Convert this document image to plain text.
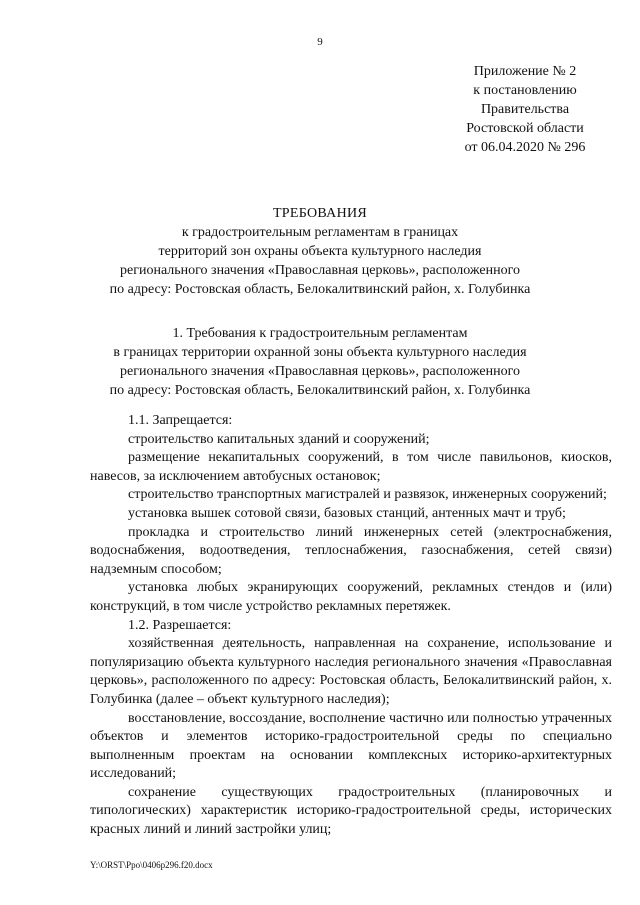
9
Приложение № 2
к постановлению
Правительства
Ростовской области
от 06.04.2020 № 296
ТРЕБОВАНИЯ
к градостроительным регламентам в границах
территорий зон охраны объекта культурного наследия
регионального значения «Православная церковь», расположенного
по адресу: Ростовская область, Белокалитвинский район, х. Голубинка
1. Требования к градостроительным регламентам
в границах территории охранной зоны объекта культурного наследия
регионального значения «Православная церковь», расположенного
по адресу: Ростовская область, Белокалитвинский район, х. Голубинка

1.1. Запрещается:

строительство капитальных зданий и сооружений;

размещение некапитальных сооружений, в том числе павильонов, киосков, навесов, за исключением автобусных остановок;

строительство транспортных магистралей и развязок, инженерных сооружений;

установка вышек сотовой связи, базовых станций, антенных мачт и труб;

прокладка и строительство линий инженерных сетей (электроснабжения, водоснабжения, водоотведения, теплоснабжения, газоснабжения, сетей связи) надземным способом;

установка любых экранирующих сооружений, рекламных стендов и (или) конструкций, в том числе устройство рекламных перетяжек.

1.2. Разрешается:

хозяйственная деятельность, направленная на сохранение, использование и популяризацию объекта культурного наследия регионального значения «Православная церковь», расположенного по адресу: Ростовская область, Белокалитвинский район, х. Голубинка (далее – объект культурного наследия);

восстановление, воссоздание, восполнение частично или полностью утраченных объектов и элементов историко-градостроительной среды по специально выполненным проектам на основании комплексных историко-архитектурных исследований;

сохранение существующих градостроительных (планировочных и типологических) характеристик историко-градостроительной среды, исторических красных линий и линий застройки улиц;

Y:\ORST\Ppo\0406p296.f20.docx
